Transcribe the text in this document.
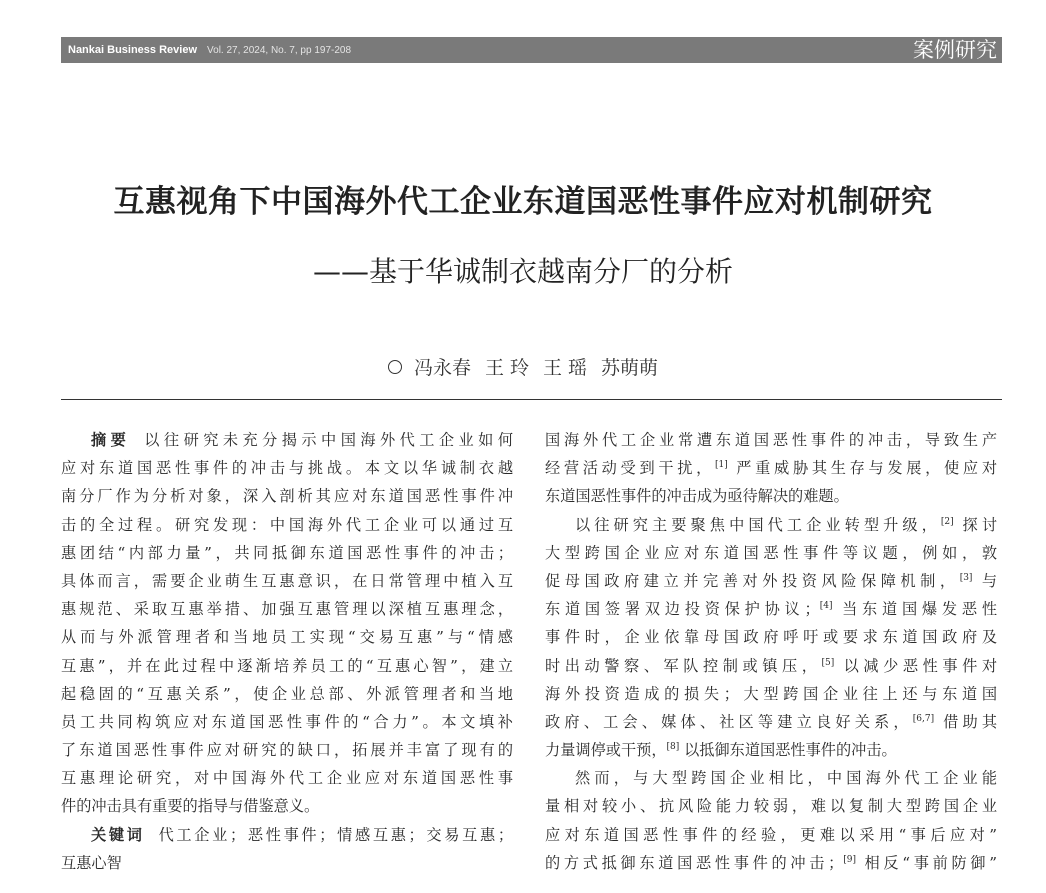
Nankai Business Review Vol. 27, 2024, No. 7, pp 197-208	案例研究
互惠视角下中国海外代工企业东道国恶性事件应对机制研究
——基于华诚制衣越南分厂的分析
冯永春 王 玲 王 瑶 苏萌萌
摘要 以往研究未充分揭示中国海外代工企业如何
应对东道国恶性事件的冲击与挑战。本文以华诚制衣越
南分厂作为分析对象，深入剖析其应对东道国恶性事件冲
击的全过程。研究发现：中国海外代工企业可以通过互
惠团结“内部力量”，共同抵御东道国恶性事件的冲击；
具体而言，需要企业萌生互惠意识，在日常管理中植入互
惠规范、采取互惠举措、加强互惠管理以深植互惠理念，
从而与外派管理者和当地员工实现“交易互惠”与“情感
互惠”，并在此过程中逐渐培养员工的“互惠心智”，建立
起稳固的“互惠关系”，使企业总部、外派管理者和当地
员工共同构筑应对东道国恶性事件的“合力”。本文填补
了东道国恶性事件应对研究的缺口，拓展并丰富了现有的
互惠理论研究，对中国海外代工企业应对东道国恶性事
件的冲击具有重要的指导与借鉴意义。
关键词 代工企业；恶性事件；情感互惠；交易互惠；
互惠心智
国海外代工企业常遭东道国恶性事件的冲击，导致生产
经营活动受到干扰，[1] 严重威胁其生存与发展，使应对
东道国恶性事件的冲击成为亟待解决的难题。
以往研究主要聚焦中国代工企业转型升级，[2] 探讨
大型跨国企业应对东道国恶性事件等议题，例如，敦
促母国政府建立并完善对外投资风险保障机制，[3] 与
东道国签署双边投资保护协议；[4] 当东道国爆发恶性
事件时，企业依靠母国政府呼吁或要求东道国政府及
时出动警察、军队控制或镇压，[5] 以减少恶性事件对
海外投资造成的损失；大型跨国企业往上还与东道国
政府、工会、媒体、社区等建立良好关系，[6,7] 借助其
力量调停或干预，[8] 以抵御东道国恶性事件的冲击。
然而，与大型跨国企业相比，中国海外代工企业能
量相对较小、抗风险能力较弱，难以复制大型跨国企业
应对东道国恶性事件的经验，更难以采用“事后应对”
的方式抵御东道国恶性事件的冲击；[9] 相反“事前防御”
